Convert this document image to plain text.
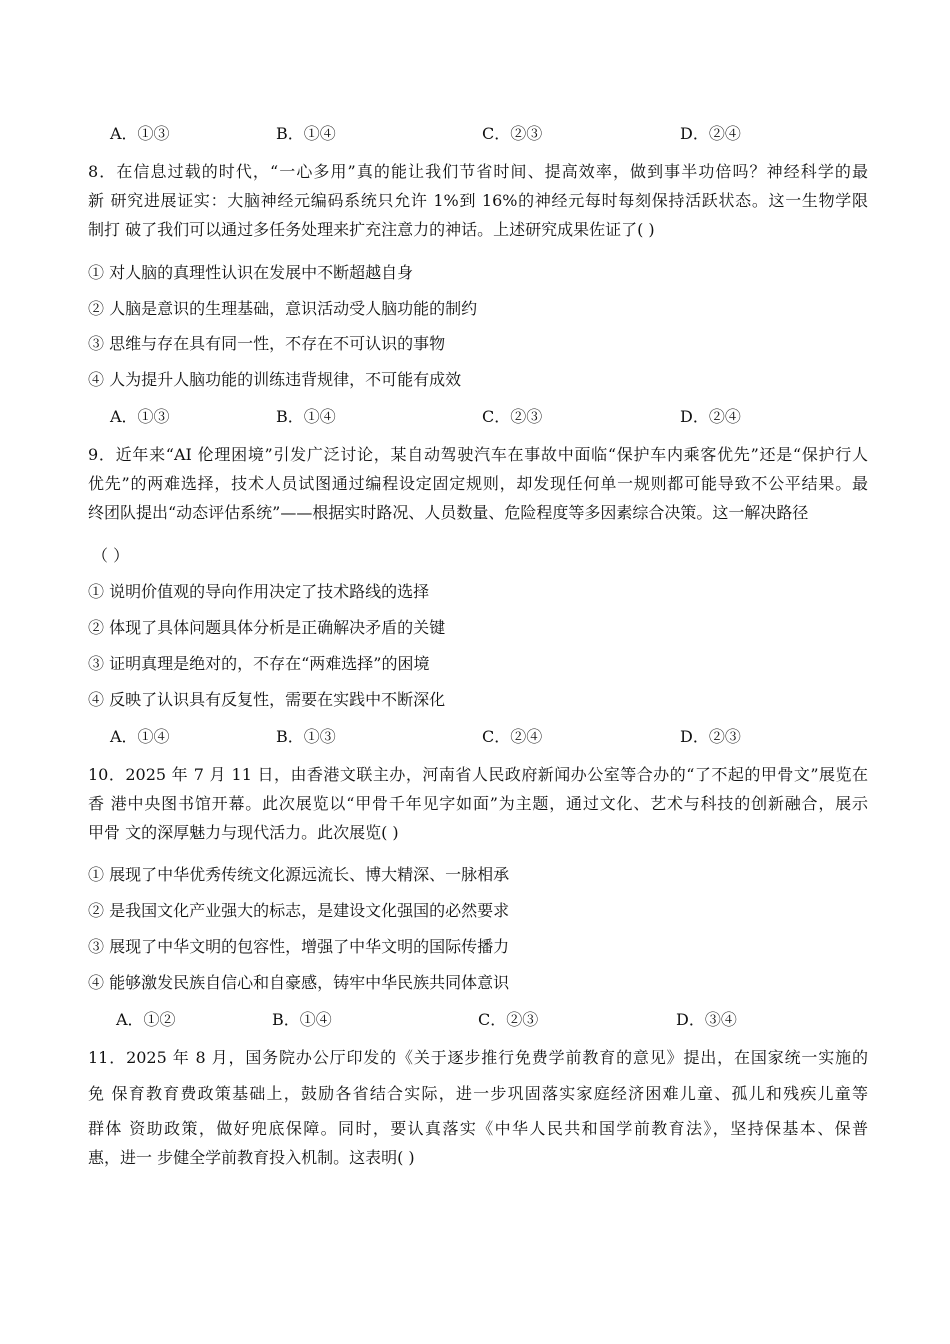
A．①③	B．①④	C．②③	D．②④
8．在信息过载的时代，“一心多用”真的能让我们节省时间、提高效率，做到事半功倍吗？神经科学的最
新 研究进展证实：大脑神经元编码系统只允许 1%到 16%的神经元每时每刻保持活跃状态。这一生物学限
制打 破了我们可以通过多任务处理来扩充注意力的神话。上述研究成果佐证了( )
① 对人脑的真理性认识在发展中不断超越自身
② 人脑是意识的生理基础，意识活动受人脑功能的制约
③ 思维与存在具有同一性，不存在不可认识的事物
④ 人为提升人脑功能的训练违背规律，不可能有成效
A．①③	B．①④	C．②③	D．②④
9．近年来“AI 伦理困境”引发广泛讨论，某自动驾驶汽车在事故中面临“保护车内乘客优先”还是“保护行人
优先”的两难选择，技术人员试图通过编程设定固定规则，却发现任何单一规则都可能导致不公平结果。最
终团队提出“动态评估系统”——根据实时路况、人员数量、危险程度等多因素综合决策。这一解决路径
（ ）
① 说明价值观的导向作用决定了技术路线的选择
② 体现了具体问题具体分析是正确解决矛盾的关键
③ 证明真理是绝对的，不存在“两难选择”的困境
④ 反映了认识具有反复性，需要在实践中不断深化
A．①④	B．①③	C．②④	D．②③
10．2025 年 7 月 11 日，由香港文联主办，河南省人民政府新闻办公室等合办的“了不起的甲骨文”展览在
香 港中央图书馆开幕。此次展览以“甲骨千年见字如面”为主题，通过文化、艺术与科技的创新融合，展示
甲骨 文的深厚魅力与现代活力。此次展览( )
① 展现了中华优秀传统文化源远流长、博大精深、一脉相承
② 是我国文化产业强大的标志，是建设文化强国的必然要求
③ 展现了中华文明的包容性，增强了中华文明的国际传播力
④ 能够激发民族自信心和自豪感，铸牢中华民族共同体意识
A．①②	B．①④	C．②③	D．③④
11．2025 年 8 月，国务院办公厅印发的《关于逐步推行免费学前教育的意见》提出，在国家统一实施的
免 保育教育费政策基础上，鼓励各省结合实际，进一步巩固落实家庭经济困难儿童、孤儿和残疾儿童等
群体 资助政策，做好兜底保障。同时，要认真落实《中华人民共和国学前教育法》，坚持保基本、保普
惠，进一 步健全学前教育投入机制。这表明( )
